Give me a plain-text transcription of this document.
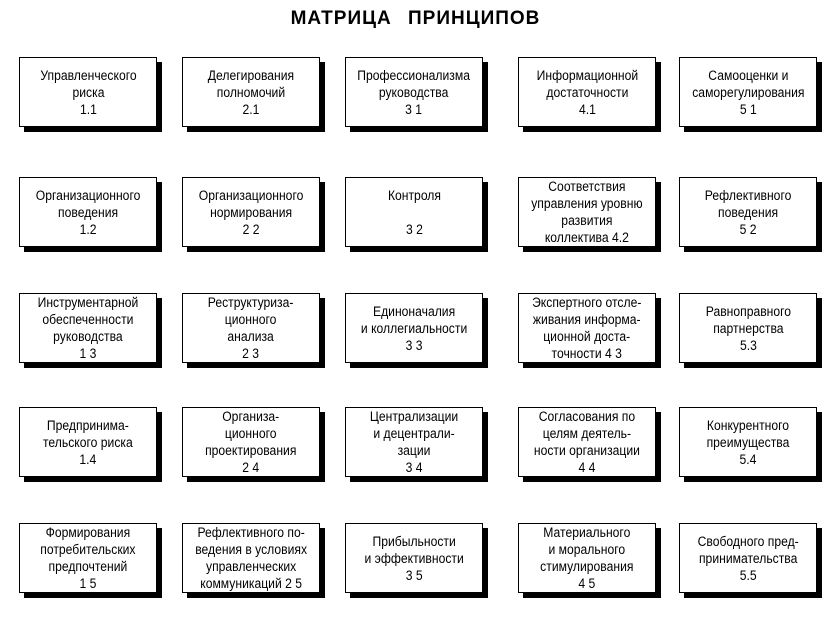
МАТРИЦА ПРИНЦИПОВ
Управленческого
риска
1.1
Делегирования
полномочий
2.1
Профессионализма
руководства
3 1
Информационной
достаточности
4.1
Самооценки и
саморегулирования
5 1
Организационного
поведения
1.2
Организационного
нормирования
2 2
Контроля

3 2
Соответствия
управления уровню
развития
коллектива 4.2
Рефлективного
поведения
5 2
Инструментарной
обеспеченности
руководства
1 3
Реструктуриза-
ционного
анализа
2 3
Единоначалия
и коллегиальности
3 3
Экспертного отсле-
живания информа-
ционной доста-
точности 4 3
Равноправного
партнерства
5.3
Предпринима-
тельского риска
1.4
Организа-
ционного
проектирования
2 4
Централизации
и децентрали-
зации
3 4
Согласования по
целям деятель-
ности организации
4 4
Конкурентного
преимущества
5.4
Формирования
потребительских
предпочтений
1 5
Рефлективного по-
ведения в условиях
управленческих
коммуникаций 2 5
Прибыльности
и эффективности
3 5
Материального
и морального
стимулирования
4 5
Свободного пред-
принимательства
5.5
